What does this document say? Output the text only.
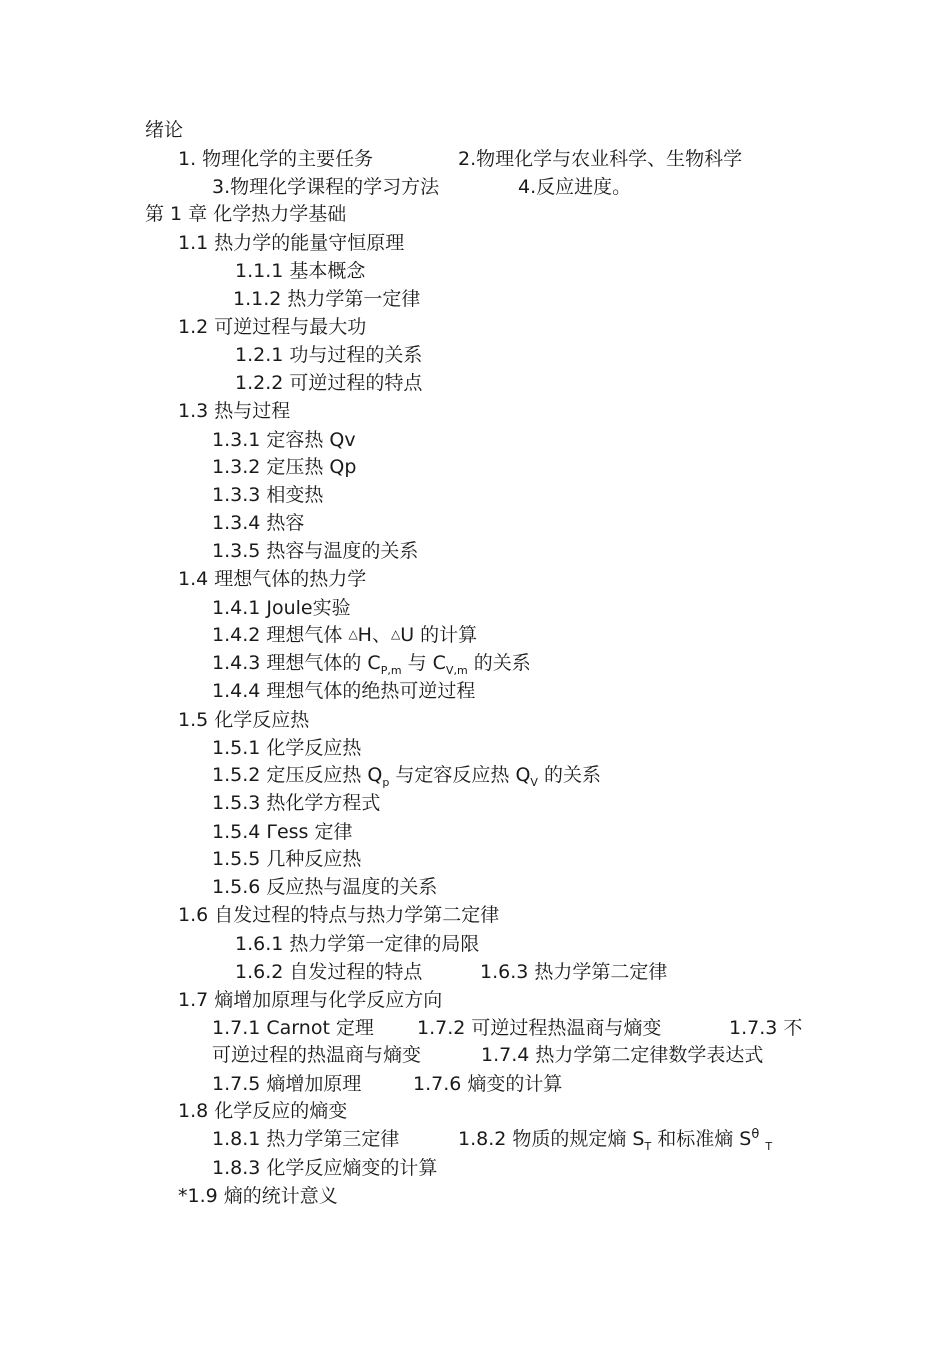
绪论
1. 物理化学的主要任务	2.物理化学与农业科学、生物科学
3.物理化学课程的学习方法	4.反应进度。
第 1 章 化学热力学基础
1.1 热力学的能量守恒原理
1.1.1 基本概念
1.1.2 热力学第一定律
1.2 可逆过程与最大功
1.2.1 功与过程的关系
1.2.2 可逆过程的特点
1.3 热与过程
1.3.1 定容热 Qv
1.3.2 定压热 Qp
1.3.3 相变热
1.3.4 热容
1.3.5 热容与温度的关系
1.4 理想气体的热力学
1.4.1 Joule实验
1.4.2 理想气体 △H、△U 的计算
1.4.3 理想气体的 $C_{P,m}$ 与 $C_{V,m}$ 的关系
1.4.4 理想气体的绝热可逆过程
1.5 化学反应热
1.5.1 化学反应热
1.5.2 定压反应热 $Q_p$ 与定容反应热 $Q_V$ 的关系
1.5.3 热化学方程式
1.5.4 Γess 定律
1.5.5 几种反应热
1.5.6 反应热与温度的关系
1.6 自发过程的特点与热力学第二定律
1.6.1 热力学第一定律的局限
1.6.2 自发过程的特点	1.6.3 热力学第二定律
1.7 熵增加原理与化学反应方向
1.7.1 Carnot 定理 1.7.2 可逆过程热温商与熵变	1.7.3 不
可逆过程的热温商与熵变	1.7.4 热力学第二定律数学表达式
1.7.5 熵增加原理	1.7.6 熵变的计算
1.8 化学反应的熵变
1.8.1 热力学第三定律	1.8.2 物质的规定熵 $S_T$ 和标准熵 $S^\theta_T$
1.8.3 化学反应熵变的计算
*1.9 熵的统计意义
